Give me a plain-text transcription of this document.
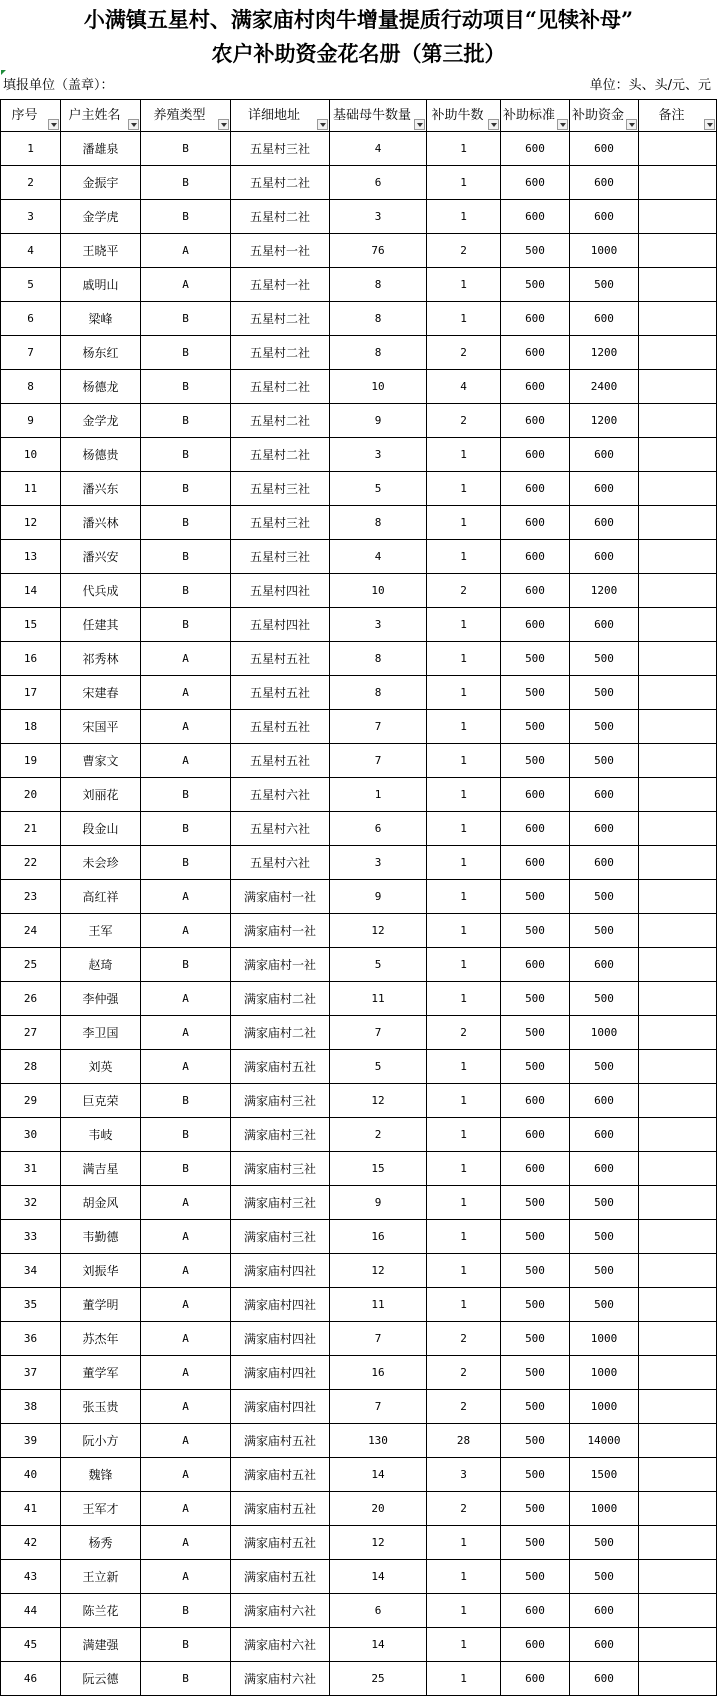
小满镇五星村、满家庙村肉牛增量提质行动项目“见犊补母”
农户补助资金花名册（第三批）
填报单位（盖章）：	单位：头、头/元、元
序号	户主姓名	养殖类型	详细地址	基础母牛数量	补助牛数	补助标准	补助资金	备注

1	潘雄泉	B	五星村三社	4	1	600	600	
2	金振宇	B	五星村二社	6	1	600	600	
3	金学虎	B	五星村二社	3	1	600	600	
4	王晓平	A	五星村一社	76	2	500	1000	
5	戚明山	A	五星村一社	8	1	500	500	
6	梁峰	B	五星村二社	8	1	600	600	
7	杨东红	B	五星村二社	8	2	600	1200	
8	杨德龙	B	五星村二社	10	4	600	2400	
9	金学龙	B	五星村二社	9	2	600	1200	
10	杨德贵	B	五星村二社	3	1	600	600	
11	潘兴东	B	五星村三社	5	1	600	600	
12	潘兴林	B	五星村三社	8	1	600	600	
13	潘兴安	B	五星村三社	4	1	600	600	
14	代兵成	B	五星村四社	10	2	600	1200	
15	任建其	B	五星村四社	3	1	600	600	
16	祁秀林	A	五星村五社	8	1	500	500	
17	宋建春	A	五星村五社	8	1	500	500	
18	宋国平	A	五星村五社	7	1	500	500	
19	曹家文	A	五星村五社	7	1	500	500	
20	刘丽花	B	五星村六社	1	1	600	600	
21	段金山	B	五星村六社	6	1	600	600	
22	未会珍	B	五星村六社	3	1	600	600	
23	高红祥	A	满家庙村一社	9	1	500	500	
24	王军	A	满家庙村一社	12	1	500	500	
25	赵琦	B	满家庙村一社	5	1	600	600	
26	李仲强	A	满家庙村二社	11	1	500	500	
27	李卫国	A	满家庙村二社	7	2	500	1000	
28	刘英	A	满家庙村五社	5	1	500	500	
29	巨克荣	B	满家庙村三社	12	1	600	600	
30	韦岐	B	满家庙村三社	2	1	600	600	
31	满吉星	B	满家庙村三社	15	1	600	600	
32	胡金风	A	满家庙村三社	9	1	500	500	
33	韦勤德	A	满家庙村三社	16	1	500	500	
34	刘振华	A	满家庙村四社	12	1	500	500	
35	董学明	A	满家庙村四社	11	1	500	500	
36	苏杰年	A	满家庙村四社	7	2	500	1000	
37	董学军	A	满家庙村四社	16	2	500	1000	
38	张玉贵	A	满家庙村四社	7	2	500	1000	
39	阮小方	A	满家庙村五社	130	28	500	14000	
40	魏锋	A	满家庙村五社	14	3	500	1500	
41	王军才	A	满家庙村五社	20	2	500	1000	
42	杨秀	A	满家庙村五社	12	1	500	500	
43	王立新	A	满家庙村五社	14	1	500	500	
44	陈兰花	B	满家庙村六社	6	1	600	600	
45	满建强	B	满家庙村六社	14	1	600	600	
46	阮云德	B	满家庙村六社	25	1	600	600	
